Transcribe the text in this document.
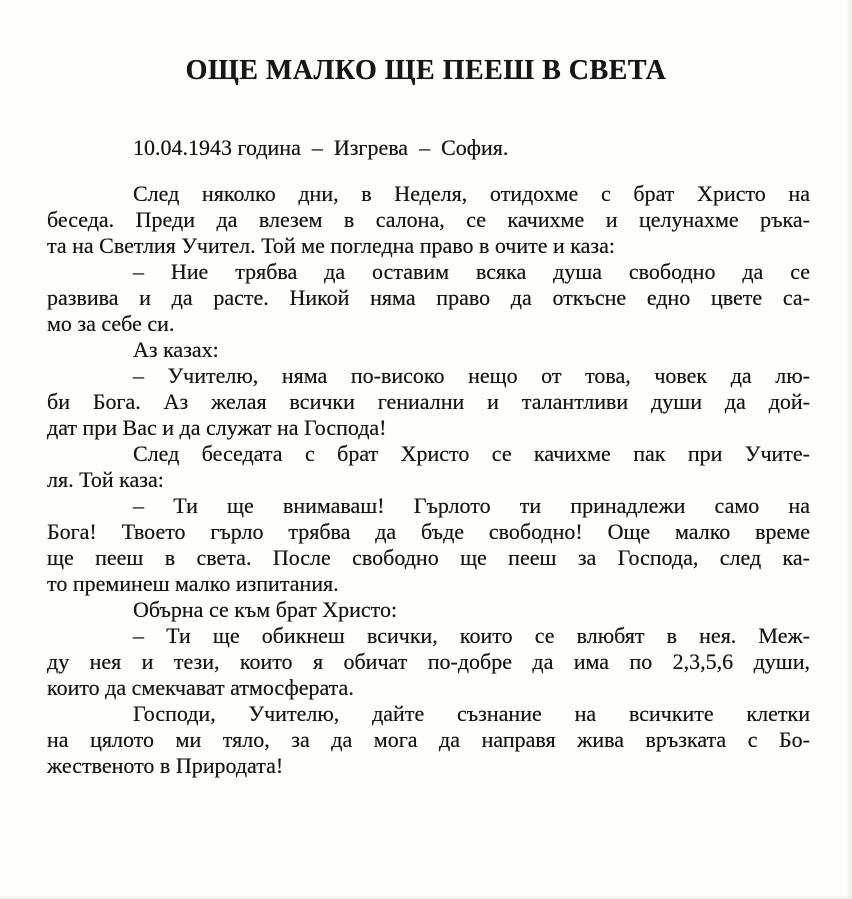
ОЩЕ МАЛКО ЩЕ ПЕЕШ В СВЕТА

10.04.1943 година  –  Изгрева  –  София.

След няколко дни, в Неделя, отидохме с брат Христо на
беседа. Преди да влезем в салона, се качихме и целунахме ръка-
та на Светлия Учител. Той ме погледна право в очите и каза:
– Ние трябва да оставим всяка душа свободно да се
развива и да расте. Никой няма право да откъсне едно цвете са-
мо за себе си.
Аз казах:
– Учителю, няма по-високо нещо от това, човек да лю-
би Бога. Аз желая всички гениални и талантливи души да дой-
дат при Вас и да служат на Господа!
След беседата с брат Христо се качихме пак при Учите-
ля. Той каза:
– Ти ще внимаваш! Гърлото ти принадлежи само на
Бога! Твоето гърло трябва да бъде свободно! Още малко време
ще пееш в света. После свободно ще пееш за Господа, след ка-
то преминеш малко изпитания.
Обърна се към брат Христо:
– Ти ще обикнеш всички, които се влюбят в нея. Меж-
ду нея и тези, които я обичат по-добре да има по 2,3,5,6 души,
които да смекчават атмосферата.
Господи, Учителю, дайте съзнание на всичките клетки
на цялото ми тяло, за да мога да направя жива връзката с Бо-
жественото в Природата!
